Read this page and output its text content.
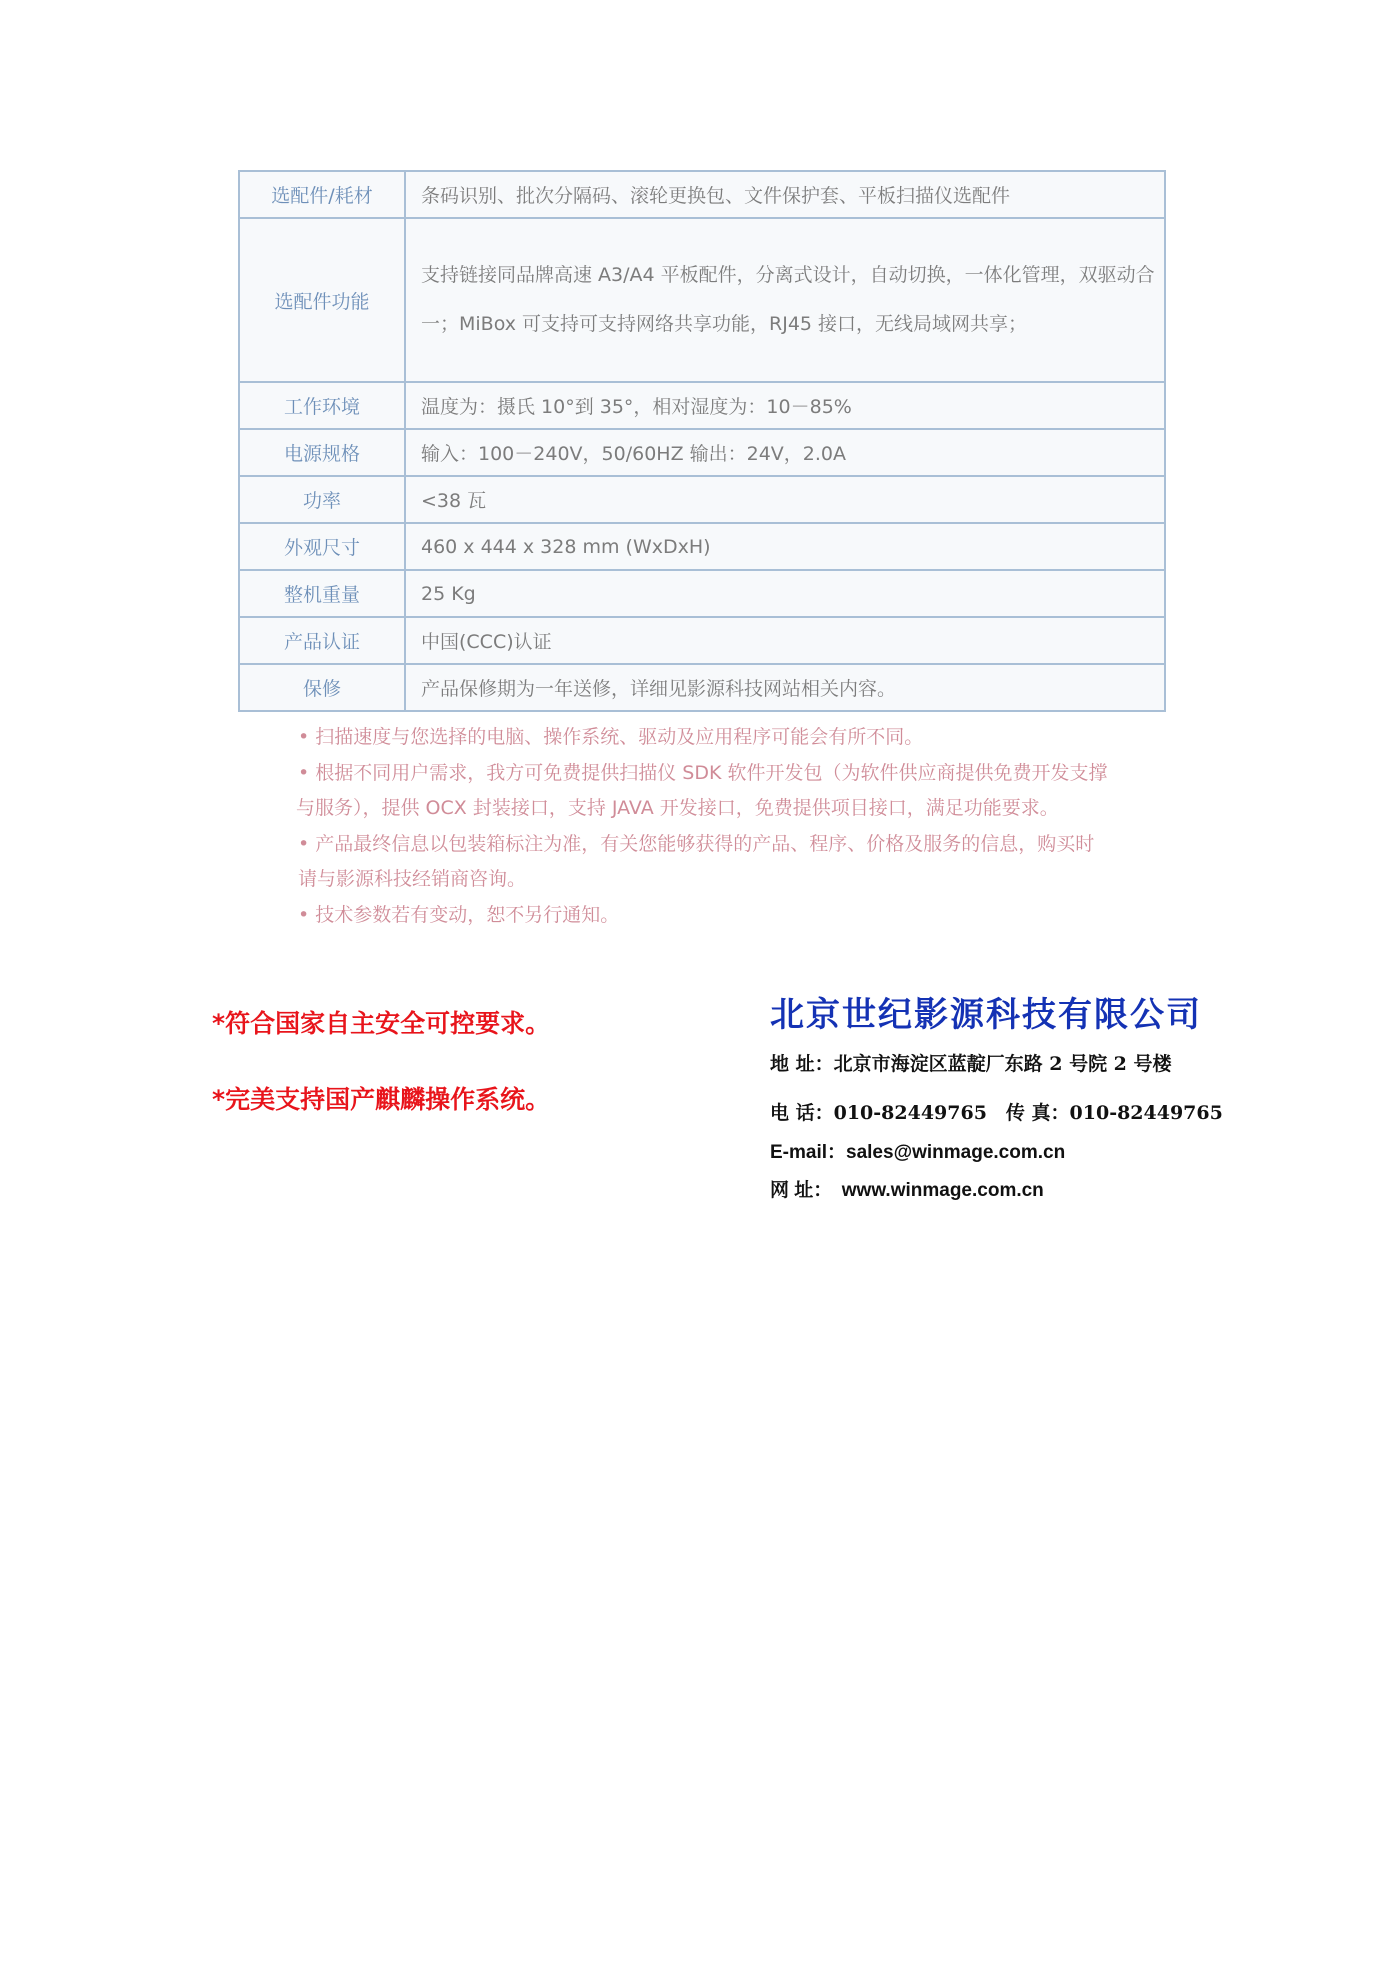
选配件/耗材	条码识别、批次分隔码、滚轮更换包、文件保护套、平板扫描仪选配件
选配件功能	支持链接同品牌高速 A3/A4 平板配件，分离式设计，自动切换，一体化管理，双驱动合一；MiBox 可支持可支持网络共享功能，RJ45 接口，无线局域网共享；
工作环境	温度为：摄氏 10°到 35°，相对湿度为：10－85%
电源规格	输入：100－240V，50/60HZ 输出：24V，2.0A
功率	<38 瓦
外观尺寸	460 x 444 x 328 mm (WxDxH)
整机重量	25 Kg
产品认证	中国(CCC)认证
保修	产品保修期为一年送修，详细见影源科技网站相关内容。

• 扫描速度与您选择的电脑、操作系统、驱动及应用程序可能会有所不同。

• 根据不同用户需求，我方可免费提供扫描仪 SDK 软件开发包（为软件供应商提供免费开发支撑

与服务），提供 OCX 封装接口，支持 JAVA 开发接口，免费提供项目接口，满足功能要求。

• 产品最终信息以包装箱标注为准，有关您能够获得的产品、程序、价格及服务的信息，购买时

请与影源科技经销商咨询。

• 技术参数若有变动，恕不另行通知。

*符合国家自主安全可控要求。
*完美支持国产麒麟操作系统。
北京世纪影源科技有限公司
地 址：北京市海淀区蓝靛厂东路 2 号院 2 号楼
电 话：010-82449765　传 真：010-82449765
E-mail：sales@winmage.com.cn
网 址：　www.winmage.com.cn
